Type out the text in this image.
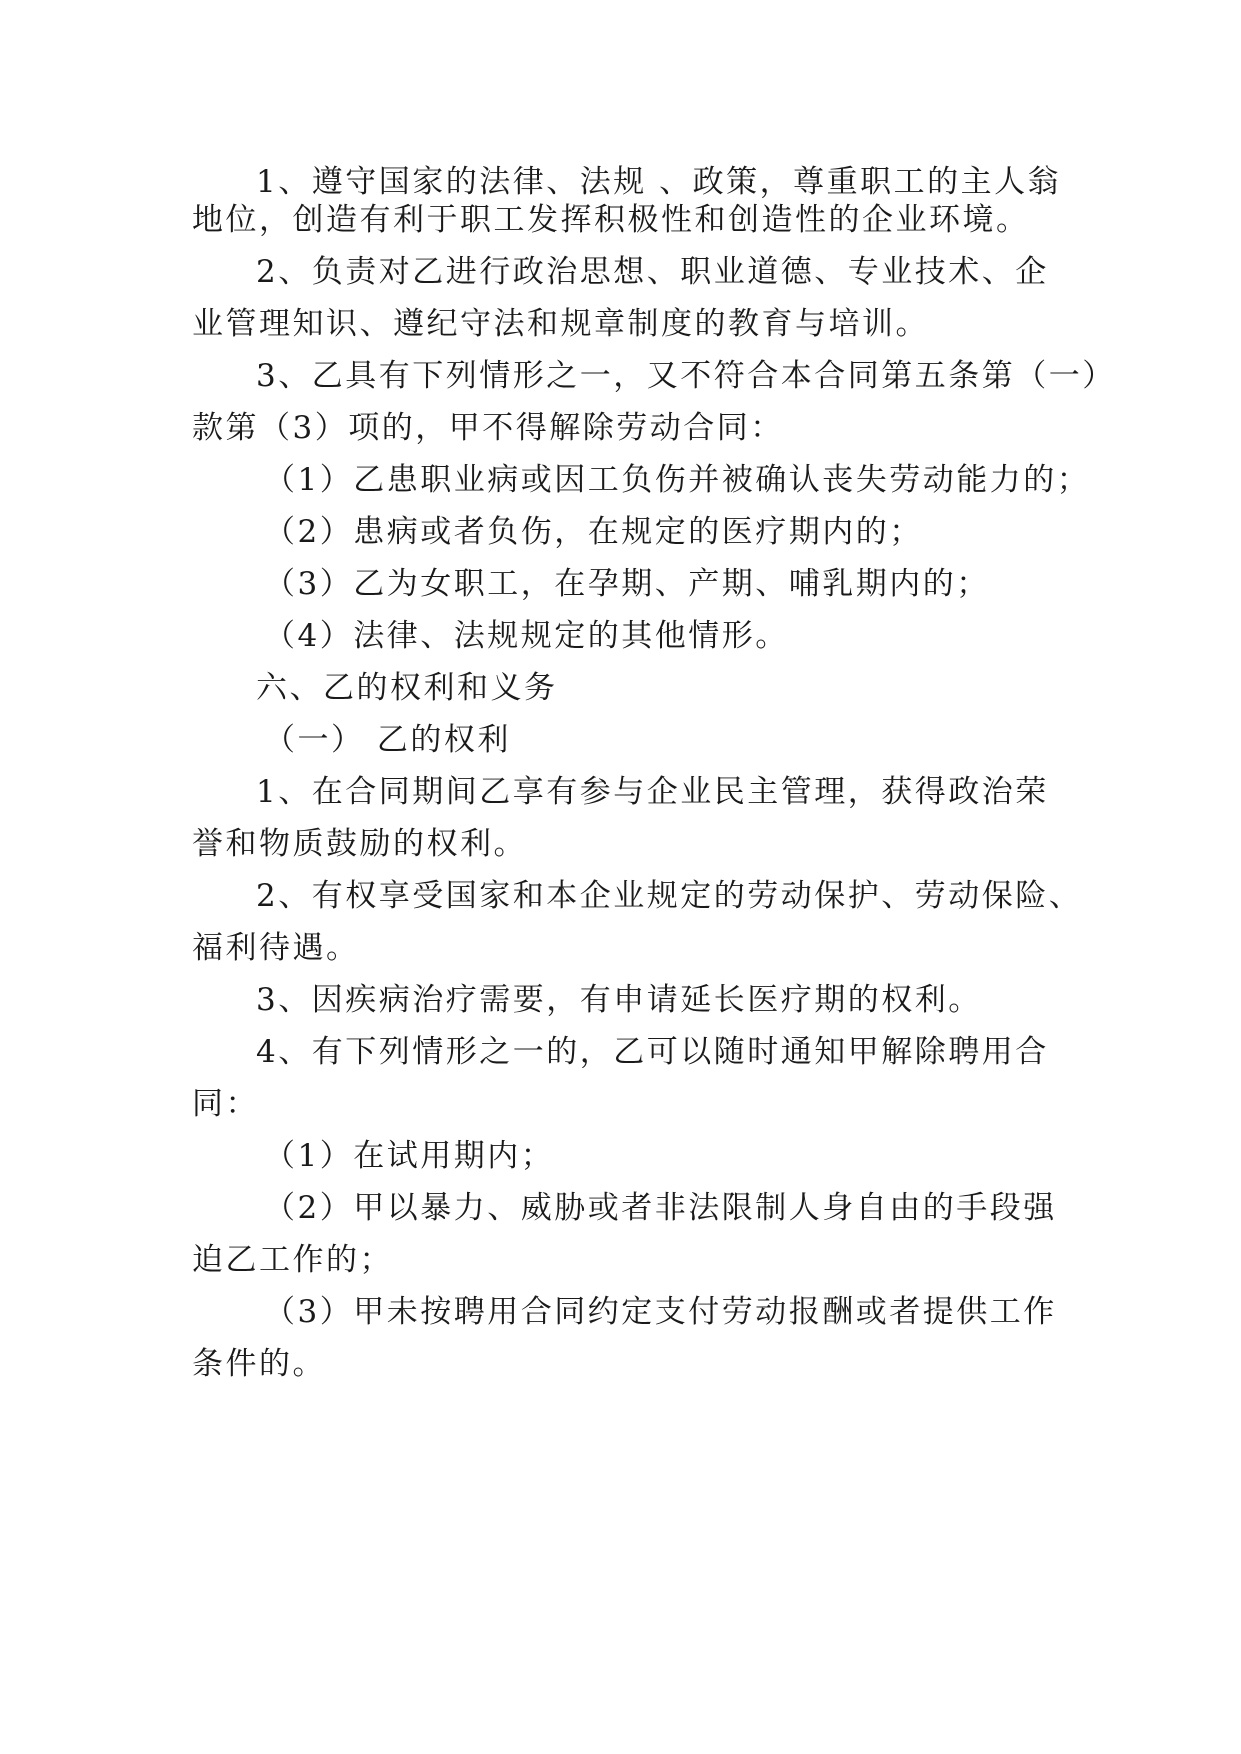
1、遵守国家的法律、法规 、政策，尊重职工的主人翁
地位，创造有利于职工发挥积极性和创造性的企业环境。
2、负责对乙进行政治思想、职业道德、专业技术、企
业管理知识、遵纪守法和规章制度的教育与培训。
3、乙具有下列情形之一，又不符合本合同第五条第（一）
款第（3）项的，甲不得解除劳动合同：
（1）乙患职业病或因工负伤并被确认丧失劳动能力的；
（2）患病或者负伤，在规定的医疗期内的；
（3）乙为女职工，在孕期、产期、哺乳期内的；
（4）法律、法规规定的其他情形。
六、乙的权利和义务
（一） 乙的权利
1、在合同期间乙享有参与企业民主管理，获得政治荣
誉和物质鼓励的权利。
2、有权享受国家和本企业规定的劳动保护、劳动保险、
福利待遇。
3、因疾病治疗需要，有申请延长医疗期的权利。
4、有下列情形之一的，乙可以随时通知甲解除聘用合
同：
（1）在试用期内；
（2）甲以暴力、威胁或者非法限制人身自由的手段强
迫乙工作的；
（3）甲未按聘用合同约定支付劳动报酬或者提供工作
条件的。
